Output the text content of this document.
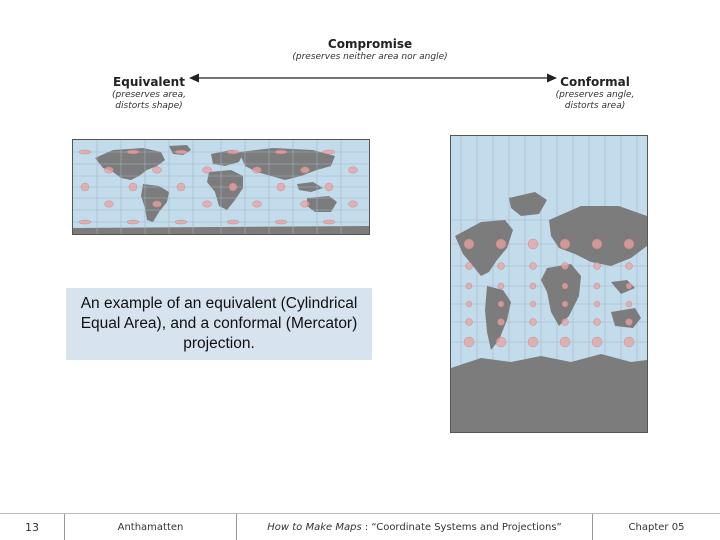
Compromise
(preserves neither area nor angle)
Equivalent
(preserves area,
distorts shape)
Conformal
(preserves angle,
distorts area)
An example of an equivalent (Cylindrical Equal Area), and a conformal (Mercator) projection.
13	Anthamatten	How to Make Maps : “Coordinate Systems and Projections”	Chapter 05
